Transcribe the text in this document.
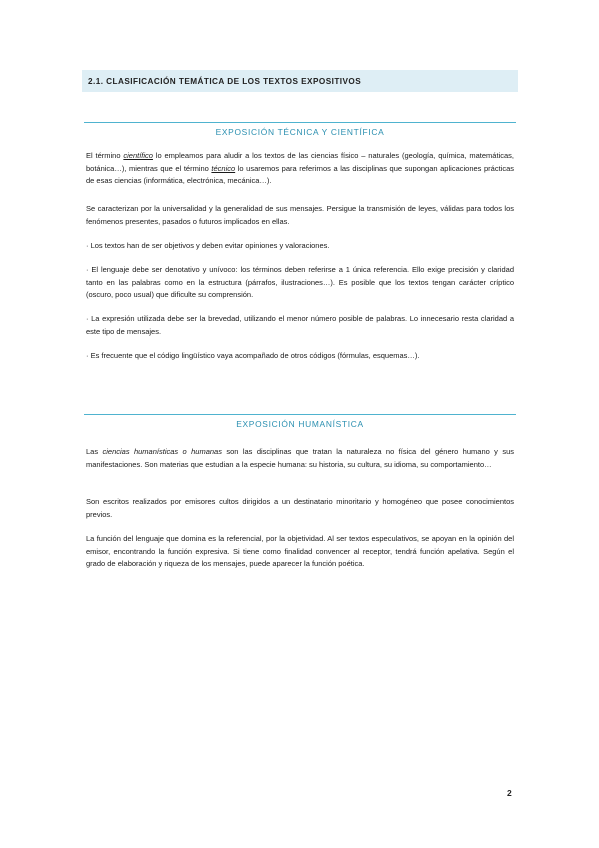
2.1. CLASIFICACIÓN TEMÁTICA DE LOS TEXTOS EXPOSITIVOS
EXPOSICIÓN TÉCNICA Y CIENTÍFICA

El término científico lo empleamos para aludir a los textos de las ciencias físico – naturales (geología, química, matemáticas, botánica…), mientras que el término técnico lo usaremos para referirnos a las disciplinas que supongan aplicaciones prácticas de esas ciencias (informática, electrónica, mecánica…).

Se caracterizan por la universalidad y la generalidad de sus mensajes. Persigue la transmisión de leyes, válidas para todos los fenómenos presentes, pasados o futuros implicados en ellas.

· Los textos han de ser objetivos y deben evitar opiniones y valoraciones.

· El lenguaje debe ser denotativo y unívoco: los términos deben referirse a 1 única referencia. Ello exige precisión y claridad tanto en las palabras como en la estructura (párrafos, ilustraciones…). Es posible que los textos tengan carácter críptico (oscuro, poco usual) que dificulte su comprensión.

· La expresión utilizada debe ser la brevedad, utilizando el menor número posible de palabras. Lo innecesario resta claridad a este tipo de mensajes.

· Es frecuente que el código lingüístico vaya acompañado de otros códigos (fórmulas, esquemas…).

EXPOSICIÓN HUMANÍSTICA

Las ciencias humanísticas o humanas son las disciplinas que tratan la naturaleza no física del género humano y sus manifestaciones. Son materias que estudian a la especie humana: su historia, su cultura, su idioma, su comportamiento…

Son escritos realizados por emisores cultos dirigidos a un destinatario minoritario y homogéneo que posee conocimientos previos.

La función del lenguaje que domina es la referencial, por la objetividad. Al ser textos especulativos, se apoyan en la opinión del emisor, encontrando la función expresiva. Si tiene como finalidad convencer al receptor, tendrá función apelativa. Según el grado de elaboración y riqueza de los mensajes, puede aparecer la función poética.

2
